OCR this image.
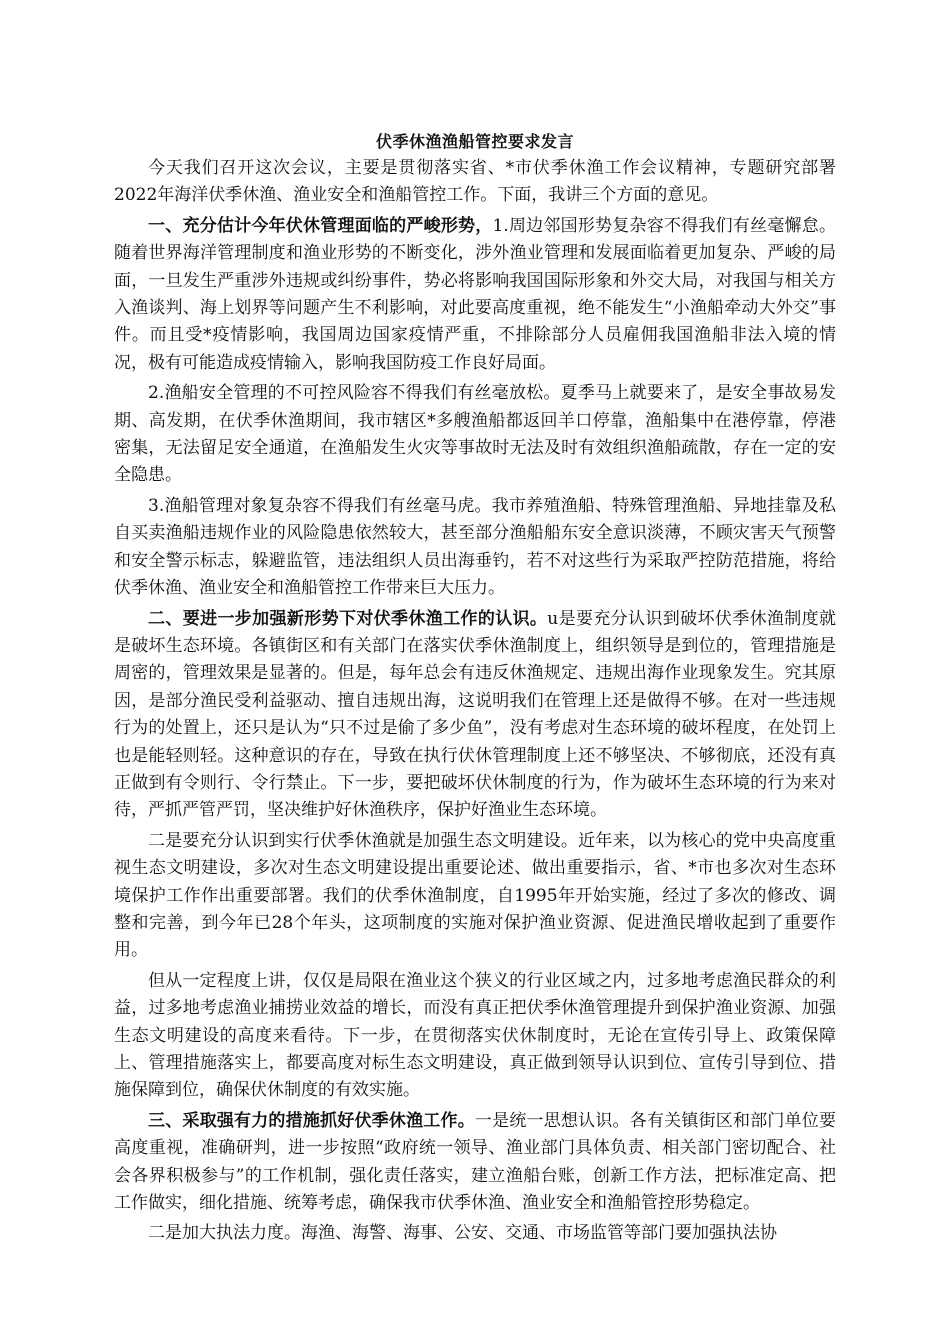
伏季休渔渔船管控要求发言

今天我们召开这次会议，主要是贯彻落实省、*市伏季休渔工作会议精神，专题研究部署2022年海洋伏季休渔、渔业安全和渔船管控工作。下面，我讲三个方面的意见。

一、充分估计今年伏休管理面临的严峻形势，1.周边邻国形势复杂容不得我们有丝毫懈怠。随着世界海洋管理制度和渔业形势的不断变化，涉外渔业管理和发展面临着更加复杂、严峻的局面，一旦发生严重涉外违规或纠纷事件，势必将影响我国国际形象和外交大局，对我国与相关方入渔谈判、海上划界等问题产生不利影响，对此要高度重视，绝不能发生“小渔船牵动大外交”事件。而且受*疫情影响，我国周边国家疫情严重，不排除部分人员雇佣我国渔船非法入境的情况，极有可能造成疫情输入，影响我国防疫工作良好局面。

2.渔船安全管理的不可控风险容不得我们有丝毫放松。夏季马上就要来了，是安全事故易发期、高发期，在伏季休渔期间，我市辖区*多艘渔船都返回羊口停靠，渔船集中在港停靠，停港密集，无法留足安全通道，在渔船发生火灾等事故时无法及时有效组织渔船疏散，存在一定的安全隐患。

3.渔船管理对象复杂容不得我们有丝毫马虎。我市养殖渔船、特殊管理渔船、异地挂靠及私自买卖渔船违规作业的风险隐患依然较大，甚至部分渔船船东安全意识淡薄，不顾灾害天气预警和安全警示标志，躲避监管，违法组织人员出海垂钓，若不对这些行为采取严控防范措施，将给伏季休渔、渔业安全和渔船管控工作带来巨大压力。

二、要进一步加强新形势下对伏季休渔工作的认识。u是要充分认识到破坏伏季休渔制度就是破坏生态环境。各镇街区和有关部门在落实伏季休渔制度上，组织领导是到位的，管理措施是周密的，管理效果是显著的。但是，每年总会有违反休渔规定、违规出海作业现象发生。究其原因，是部分渔民受利益驱动、擅自违规出海，这说明我们在管理上还是做得不够。在对一些违规行为的处置上，还只是认为“只不过是偷了多少鱼”，没有考虑对生态环境的破坏程度，在处罚上也是能轻则轻。这种意识的存在，导致在执行伏休管理制度上还不够坚决、不够彻底，还没有真正做到有令则行、令行禁止。下一步，要把破坏伏休制度的行为，作为破坏生态环境的行为来对待，严抓严管严罚，坚决维护好休渔秩序，保护好渔业生态环境。

二是要充分认识到实行伏季休渔就是加强生态文明建设。近年来，以为核心的党中央高度重视生态文明建设，多次对生态文明建设提出重要论述、做出重要指示，省、*市也多次对生态环境保护工作作出重要部署。我们的伏季休渔制度，自1995年开始实施，经过了多次的修改、调整和完善，到今年已28个年头，这项制度的实施对保护渔业资源、促进渔民增收起到了重要作用。

但从一定程度上讲，仅仅是局限在渔业这个狭义的行业区域之内，过多地考虑渔民群众的利益，过多地考虑渔业捕捞业效益的增长，而没有真正把伏季休渔管理提升到保护渔业资源、加强生态文明建设的高度来看待。下一步，在贯彻落实伏休制度时，无论在宣传引导上、政策保障上、管理措施落实上，都要高度对标生态文明建设，真正做到领导认识到位、宣传引导到位、措施保障到位，确保伏休制度的有效实施。

三、采取强有力的措施抓好伏季休渔工作。一是统一思想认识。各有关镇街区和部门单位要高度重视，准确研判，进一步按照“政府统一领导、渔业部门具体负责、相关部门密切配合、社会各界积极参与”的工作机制，强化责任落实，建立渔船台账，创新工作方法，把标准定高、把工作做实，细化措施、统筹考虑，确保我市伏季休渔、渔业安全和渔船管控形势稳定。

二是加大执法力度。海渔、海警、海事、公安、交通、市场监管等部门要加强执法协
